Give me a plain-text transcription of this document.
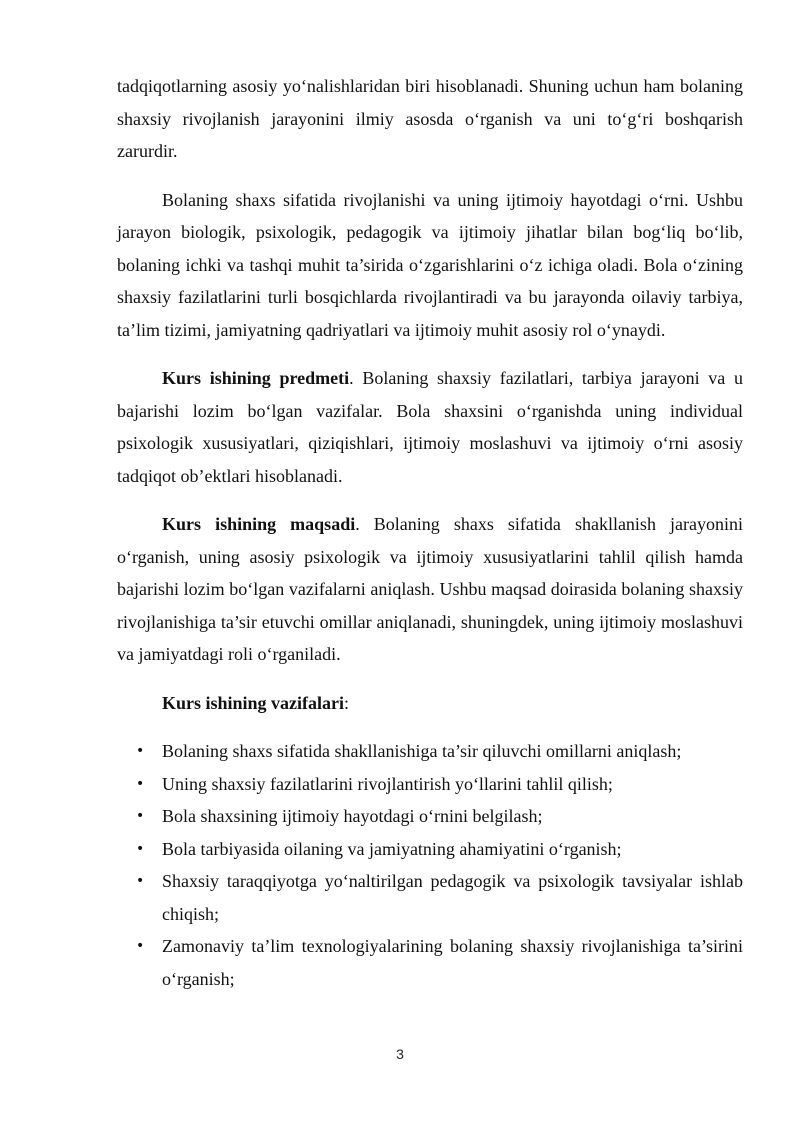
tadqiqotlarning asosiy yo‘nalishlaridan biri hisoblanadi. Shuning uchun ham bolaning shaxsiy rivojlanish jarayonini ilmiy asosda o‘rganish va uni to‘g‘ri boshqarish zarurdir.

Bolaning shaxs sifatida rivojlanishi va uning ijtimoiy hayotdagi o‘rni. Ushbu jarayon biologik, psixologik, pedagogik va ijtimoiy jihatlar bilan bog‘liq bo‘lib, bolaning ichki va tashqi muhit ta’sirida o‘zgarishlarini o‘z ichiga oladi. Bola o‘zining shaxsiy fazilatlarini turli bosqichlarda rivojlantiradi va bu jarayonda oilaviy tarbiya, ta’lim tizimi, jamiyatning qadriyatlari va ijtimoiy muhit asosiy rol o‘ynaydi.

Kurs ishining predmeti. Bolaning shaxsiy fazilatlari, tarbiya jarayoni va u bajarishi lozim bo‘lgan vazifalar. Bola shaxsini o‘rganishda uning individual psixologik xususiyatlari, qiziqishlari, ijtimoiy moslashuvi va ijtimoiy o‘rni asosiy tadqiqot ob’ektlari hisoblanadi.

Kurs ishining maqsadi. Bolaning shaxs sifatida shakllanish jarayonini o‘rganish, uning asosiy psixologik va ijtimoiy xususiyatlarini tahlil qilish hamda bajarishi lozim bo‘lgan vazifalarni aniqlash. Ushbu maqsad doirasida bolaning shaxsiy rivojlanishiga ta’sir etuvchi omillar aniqlanadi, shuningdek, uning ijtimoiy moslashuvi va jamiyatdagi roli o‘rganiladi.

Kurs ishining vazifalari:

• Bolaning shaxs sifatida shakllanishiga ta’sir qiluvchi omillarni aniqlash;
• Uning shaxsiy fazilatlarini rivojlantirish yo‘llarini tahlil qilish;
• Bola shaxsining ijtimoiy hayotdagi o‘rnini belgilash;
• Bola tarbiyasida oilaning va jamiyatning ahamiyatini o‘rganish;
• Shaxsiy taraqqiyotga yo‘naltirilgan pedagogik va psixologik tavsiyalar ishlab chiqish;
• Zamonaviy ta’lim texnologiyalarining bolaning shaxsiy rivojlanishiga ta’sirini o‘rganish;
3
